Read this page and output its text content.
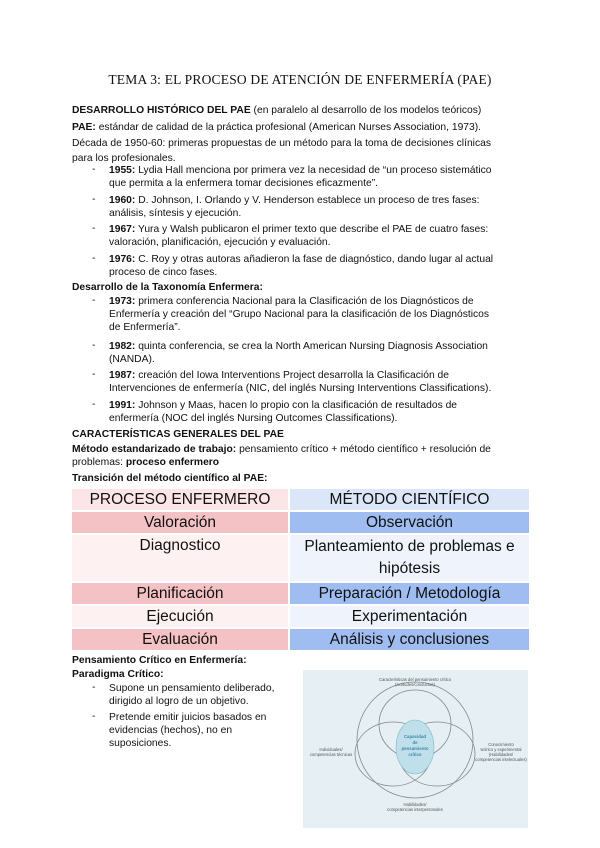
TEMA 3: EL PROCESO DE ATENCIÓN DE ENFERMERÍA (PAE)
DESARROLLO HISTÓRICO DEL PAE (en paralelo al desarrollo de los modelos teóricos)
PAE: estándar de calidad de la práctica profesional (American Nurses Association, 1973).
Década de 1950-60: primeras propuestas de un método para la toma de decisiones clínicas
para los profesionales.
-	1955: Lydia Hall menciona por primera vez la necesidad de “un proceso sistemático
que permita a la enfermera tomar decisiones eficazmente”.
-	1960: D. Johnson, I. Orlando y V. Henderson establece un proceso de tres fases:
análisis, síntesis y ejecución.
-	1967: Yura y Walsh publicaron el primer texto que describe el PAE de cuatro fases:
valoración, planificación, ejecución y evaluación.
-	1976: C. Roy y otras autoras añadieron la fase de diagnóstico, dando lugar al actual
proceso de cinco fases.
Desarrollo de la Taxonomía Enfermera:
-	1973: primera conferencia Nacional para la Clasificación de los Diagnósticos de
Enfermería y creación del “Grupo Nacional para la clasificación de los Diagnósticos
de Enfermería”.
-	1982: quinta conferencia, se crea la North American Nursing Diagnosis Association
(NANDA).
-	1987: creación del Iowa Interventions Project desarrolla la Clasificación de
Intervenciones de enfermería (NIC, del inglés Nursing Interventions Classifications).
-	1991: Johnson y Maas, hacen lo propio con la clasificación de resultados de
enfermería (NOC del inglés Nursing Outcomes Classifications).
CARACTERÍSTICAS GENERALES DEL PAE
Método estandarizado de trabajo: pensamiento crítico + método científico + resolución de
problemas: proceso enfermero
Transición del método científico al PAE:
PROCESO ENFERMERO	MÉTODO CIENTÍFICO
Valoración	Observación
Diagnostico	Planteamiento de problemas e hipótesis
Planificación	Preparación / Metodología
Ejecución	Experimentación
Evaluación	Análisis y conclusiones
Pensamiento Crítico en Enfermería:
Paradigma Crítico:
-	Supone un pensamiento deliberado,
dirigido al logro de un objetivo.
-	Pretende emitir juicios basados en
evidencias (hechos), no en
suposiciones.
Características del pensamiento crítico
(actitudes/conductas)
Individuales/
competencias técnicas
Conocimiento
teórico y experimental
(Habilidades/
competencias intelectuales)
Habilidades/
competencias interpersonales
Capacidad
de
pensamiento
crítico
